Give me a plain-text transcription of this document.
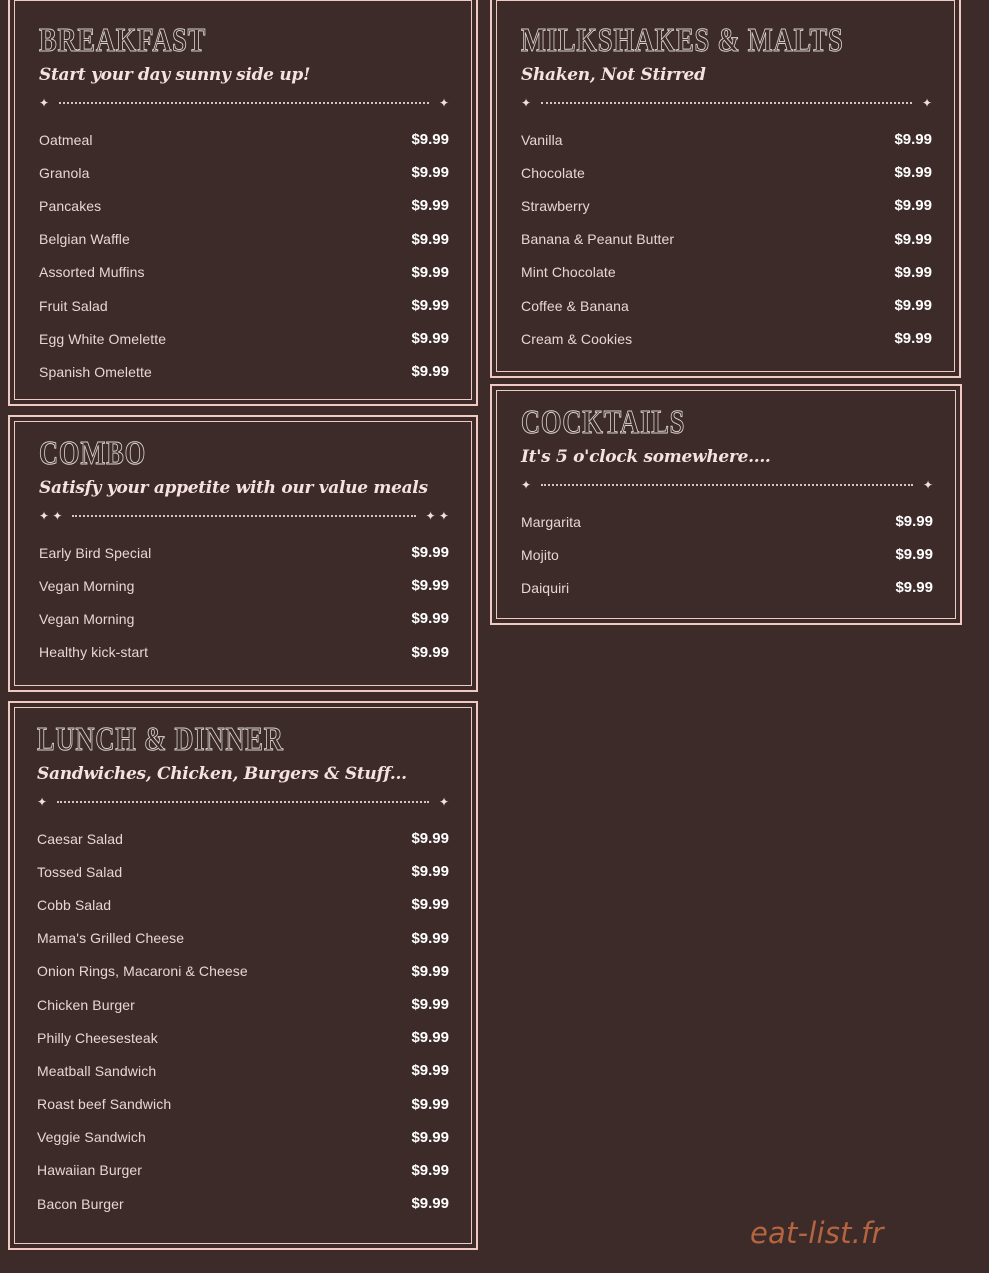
BREAKFAST
Start your day sunny side up!
✦	✦
Oatmeal	$9.99
Granola	$9.99
Pancakes	$9.99
Belgian Waffle	$9.99
Assorted Muffins	$9.99
Fruit Salad	$9.99
Egg White Omelette	$9.99
Spanish Omelette	$9.99
COMBO
Satisfy your appetite with our value meals
✦ ✦	✦ ✦
Early Bird Special	$9.99
Vegan Morning	$9.99
Vegan Morning	$9.99
Healthy kick-start	$9.99
LUNCH & DINNER
Sandwiches, Chicken, Burgers & Stuff...
✦	✦
Caesar Salad	$9.99
Tossed Salad	$9.99
Cobb Salad	$9.99
Mama's Grilled Cheese	$9.99
Onion Rings, Macaroni & Cheese	$9.99
Chicken Burger	$9.99
Philly Cheesesteak	$9.99
Meatball Sandwich	$9.99
Roast beef Sandwich	$9.99
Veggie Sandwich	$9.99
Hawaiian Burger	$9.99
Bacon Burger	$9.99
MILKSHAKES & MALTS
Shaken, Not Stirred
✦	✦
Vanilla	$9.99
Chocolate	$9.99
Strawberry	$9.99
Banana & Peanut Butter	$9.99
Mint Chocolate	$9.99
Coffee & Banana	$9.99
Cream & Cookies	$9.99
COCKTAILS
It's 5 o'clock somewhere....
✦	✦
Margarita	$9.99
Mojito	$9.99
Daiquiri	$9.99
eat-list.fr
